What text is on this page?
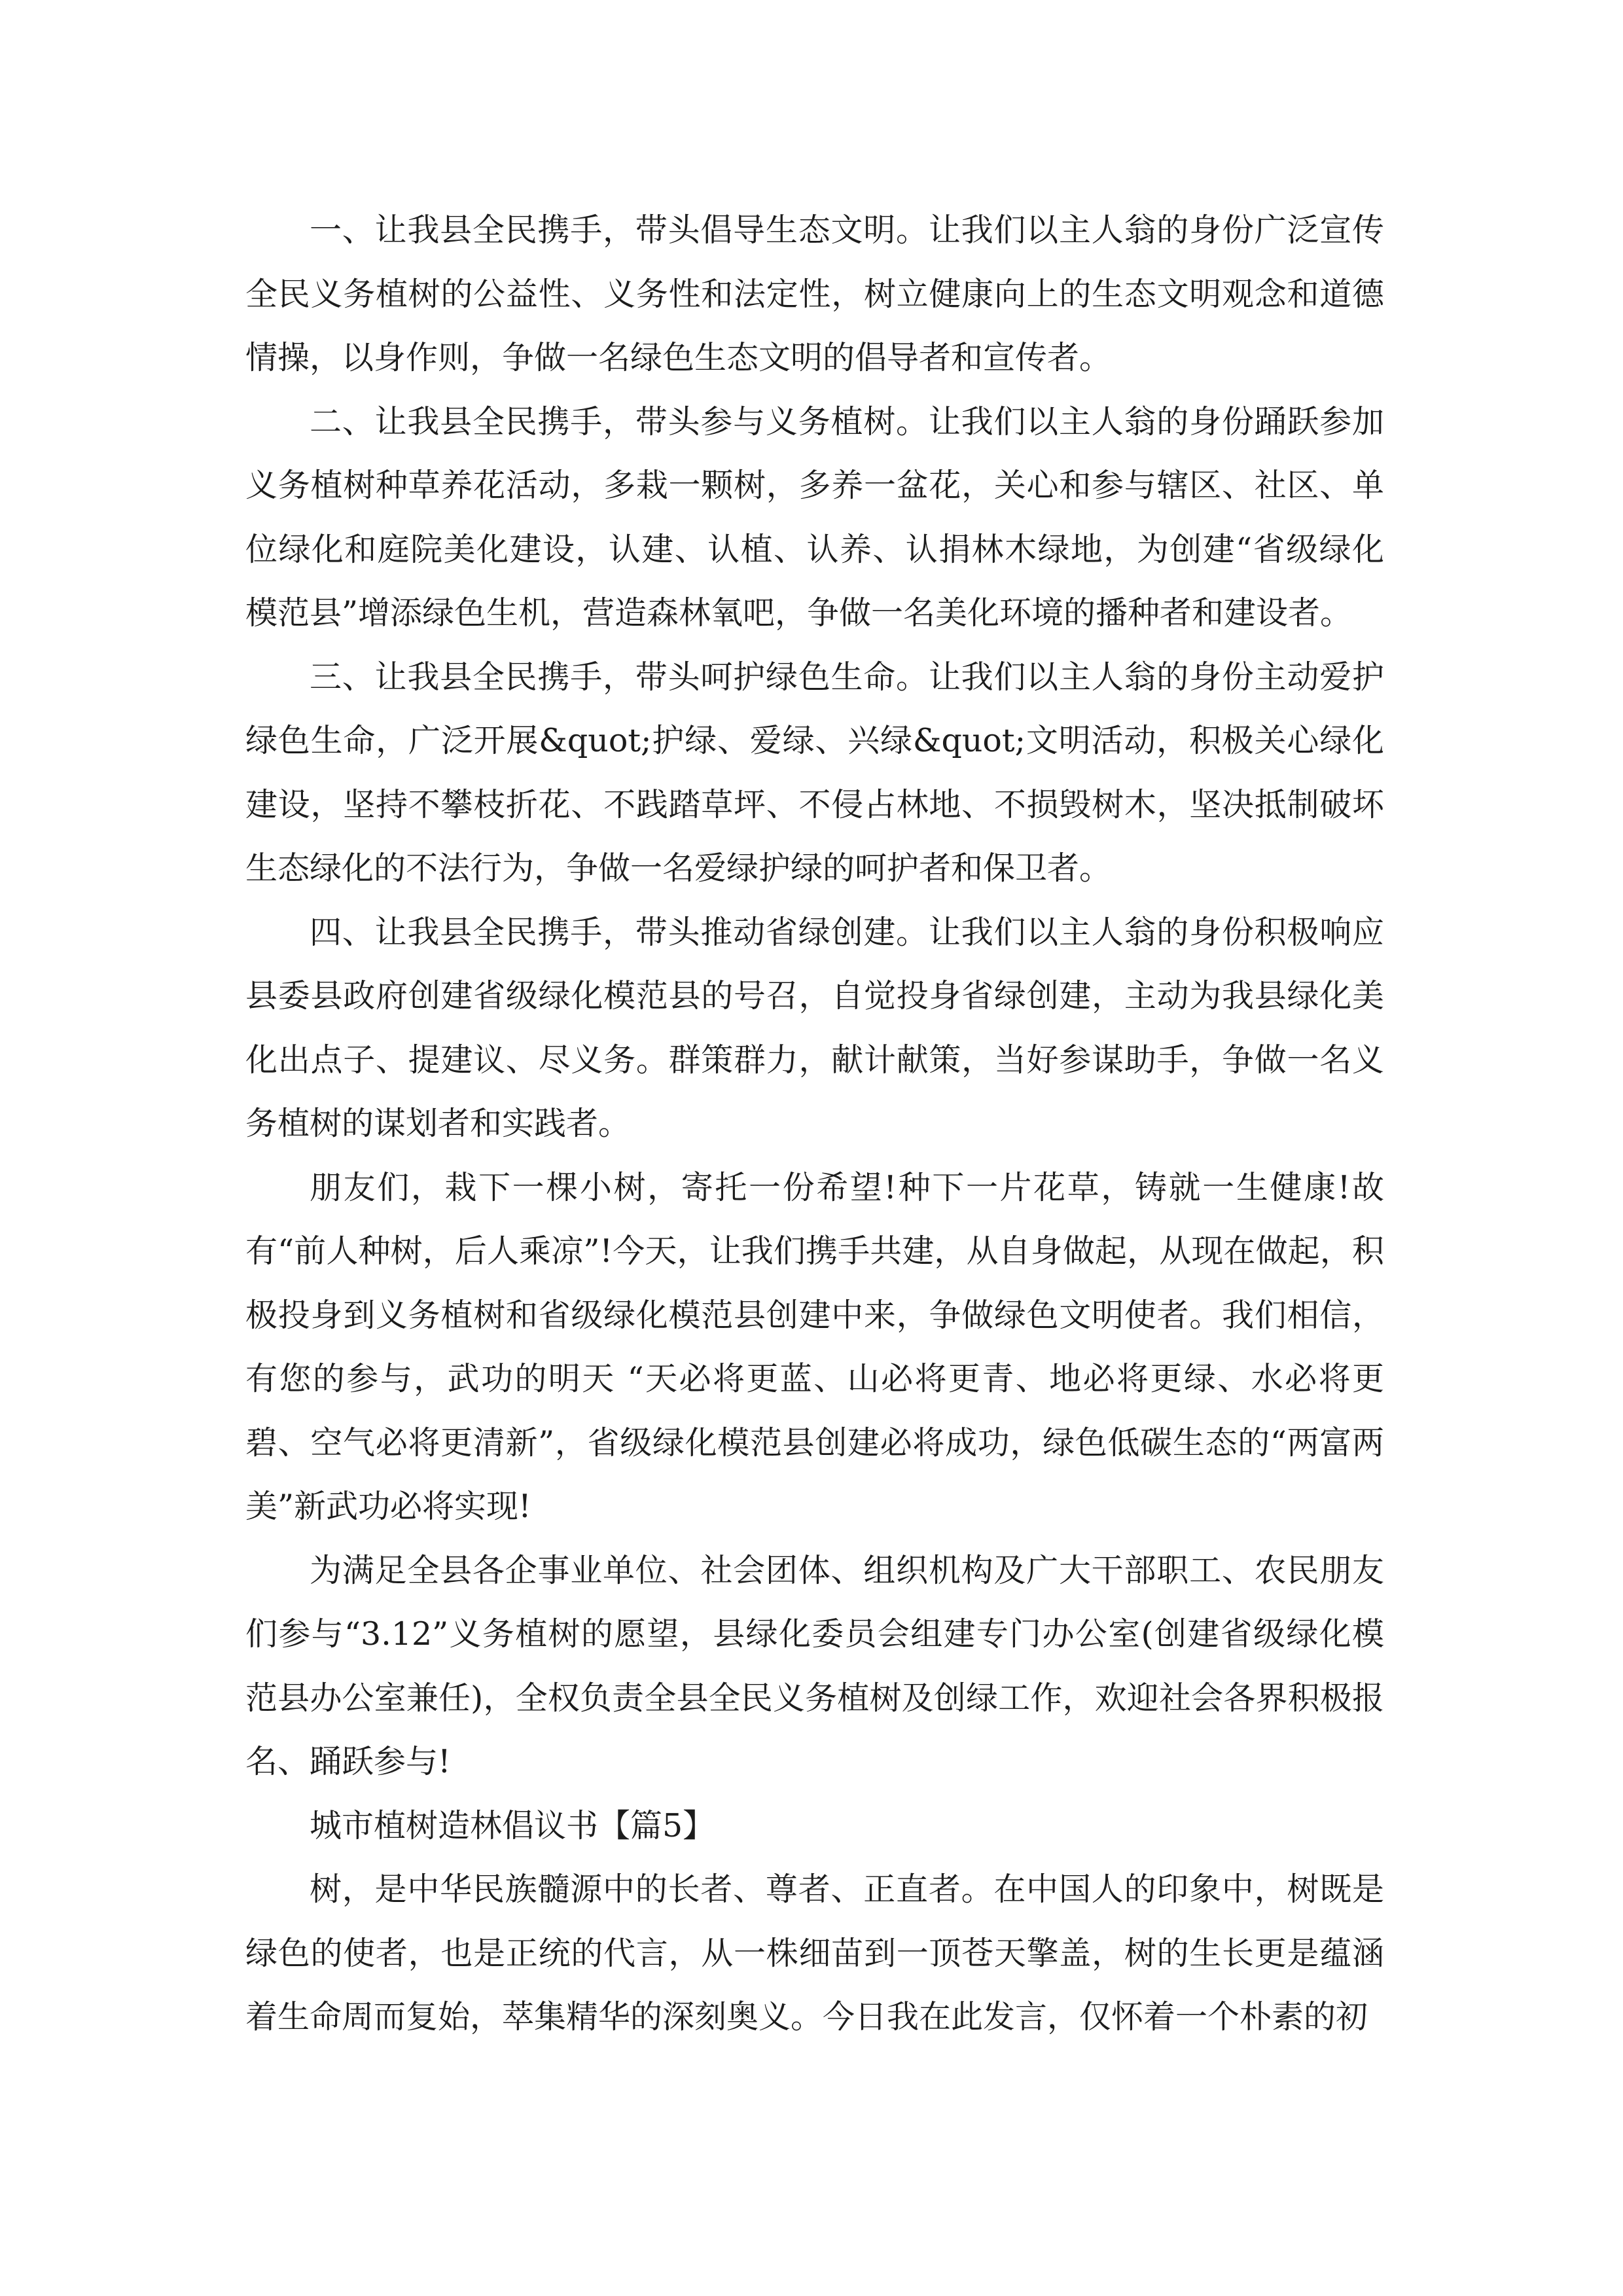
一、让我县全民携手，带头倡导生态文明。让我们以主人翁的身份广泛宣传全民义务植树的公益性、义务性和法定性，树立健康向上的生态文明观念和道德情操，以身作则，争做一名绿色生态文明的倡导者和宣传者。

二、让我县全民携手，带头参与义务植树。让我们以主人翁的身份踊跃参加义务植树种草养花活动，多栽一颗树，多养一盆花，关心和参与辖区、社区、单位绿化和庭院美化建设，认建、认植、认养、认捐林木绿地，为创建“省级绿化模范县”增添绿色生机，营造森林氧吧，争做一名美化环境的播种者和建设者。

三、让我县全民携手，带头呵护绿色生命。让我们以主人翁的身份主动爱护绿色生命，广泛开展&quot;护绿、爱绿、兴绿&quot;文明活动，积极关心绿化建设，坚持不攀枝折花、不践踏草坪、不侵占林地、不损毁树木，坚决抵制破坏生态绿化的不法行为，争做一名爱绿护绿的呵护者和保卫者。

四、让我县全民携手，带头推动省绿创建。让我们以主人翁的身份积极响应县委县政府创建省级绿化模范县的号召，自觉投身省绿创建，主动为我县绿化美化出点子、提建议、尽义务。群策群力，献计献策，当好参谋助手，争做一名义务植树的谋划者和实践者。

朋友们，栽下一棵小树，寄托一份希望!种下一片花草，铸就一生健康!故有“前人种树，后人乘凉”!今天，让我们携手共建，从自身做起，从现在做起，积极投身到义务植树和省级绿化模范县创建中来，争做绿色文明使者。我们相信，有您的参与，武功的明天 “天必将更蓝、山必将更青、地必将更绿、水必将更碧、空气必将更清新”，省级绿化模范县创建必将成功，绿色低碳生态的“两富两美”新武功必将实现!

为满足全县各企事业单位、社会团体、组织机构及广大干部职工、农民朋友们参与“3.12”义务植树的愿望，县绿化委员会组建专门办公室(创建省级绿化模范县办公室兼任)，全权负责全县全民义务植树及创绿工作，欢迎社会各界积极报名、踊跃参与!

城市植树造林倡议书【篇5】

树，是中华民族髓源中的长者、尊者、正直者。在中国人的印象中，树既是绿色的使者，也是正统的代言，从一株细苗到一顶苍天擎盖，树的生长更是蕴涵着生命周而复始，萃集精华的深刻奥义。今日我在此发言，仅怀着一个朴素的初
